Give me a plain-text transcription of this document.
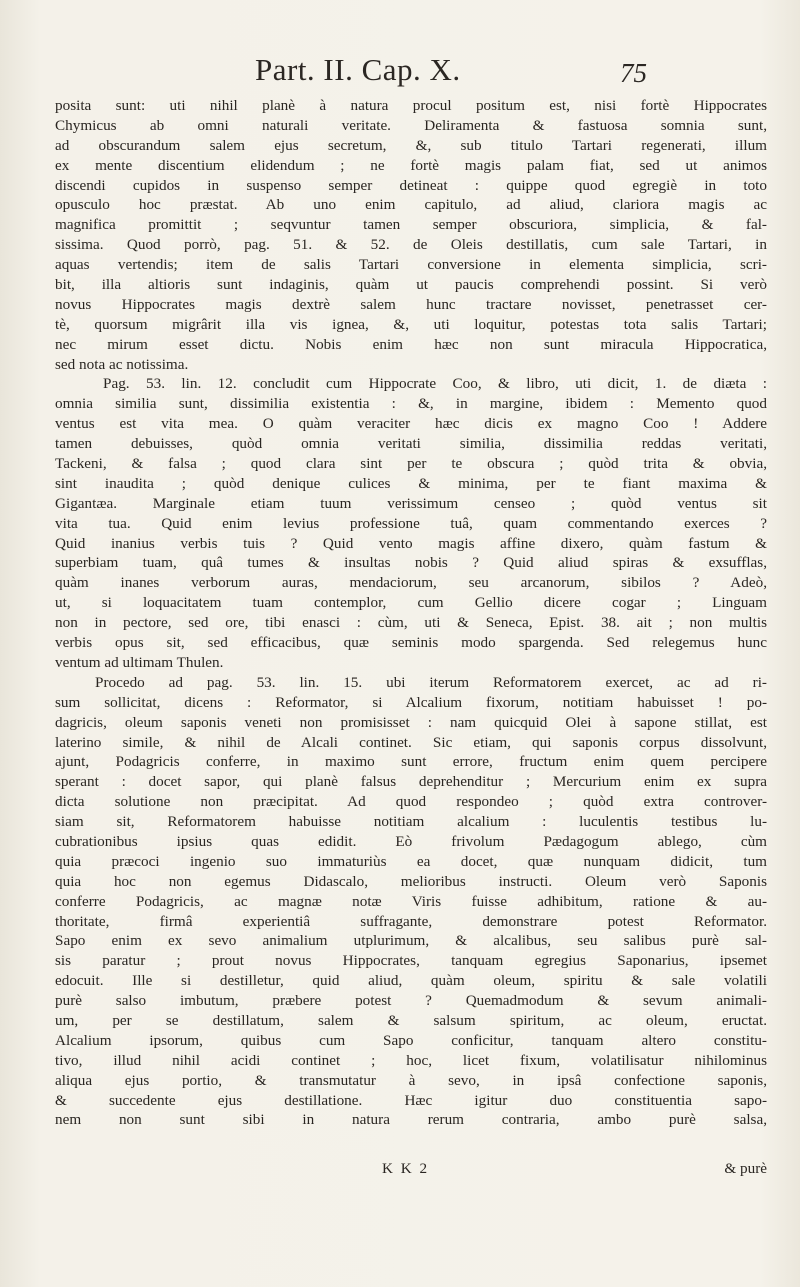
Part. II. Cap. X.	75
posita sunt: uti nihil planè à natura procul positum est, nisi fortè Hippocrates
Chymicus ab omni naturali veritate. Deliramenta & fastuosa somnia sunt,
ad obscurandum salem ejus secretum, &, sub titulo Tartari regenerati, illum
ex mente discentium elidendum ; ne fortè magis palam fiat, sed ut animos
discendi cupidos in suspenso semper detineat : quippe quod egregiè in toto
opusculo hoc præstat. Ab uno enim capitulo, ad aliud, clariora magis ac
magnifica promittit ; seqvuntur tamen semper obscuriora, simplicia, & fal-
sissima. Quod porrò, pag. 51. & 52. de Oleis destillatis, cum sale Tartari, in
aquas vertendis; item de salis Tartari conversione in elementa simplicia, scri-
bit, illa altioris sunt indaginis, quàm ut paucis comprehendi possint. Si verò
novus Hippocrates magis dextrè salem hunc tractare novisset, penetrasset cer-
tè, quorsum migrârit illa vis ignea, &, uti loquitur, potestas tota salis Tartari;
nec mirum esset dictu. Nobis enim hæc non sunt miracula Hippocratica,
sed nota ac notissima.
Pag. 53. lin. 12. concludit cum Hippocrate Coo, & libro, uti dicit, 1. de diæta :
omnia similia sunt, dissimilia existentia : &, in margine, ibidem : Memento quod
ventus est vita mea. O quàm veraciter hæc dicis ex magno Coo ! Addere
tamen debuisses, quòd omnia veritati similia, dissimilia reddas veritati,
Tackeni, & falsa ; quod clara sint per te obscura ; quòd trita & obvia,
sint inaudita ; quòd denique culices & minima, per te fiant maxima &
Gigantæa. Marginale etiam tuum verissimum censeo ; quòd ventus sit
vita tua. Quid enim levius professione tuâ, quam commentando exerces ?
Quid inanius verbis tuis ? Quid vento magis affine dixero, quàm fastum &
superbiam tuam, quâ tumes & insultas nobis ? Quid aliud spiras & exsufflas,
quàm inanes verborum auras, mendaciorum, seu arcanorum, sibilos ? Adeò,
ut, si loquacitatem tuam contemplor, cum Gellio dicere cogar ; Linguam
non in pectore, sed ore, tibi enasci : cùm, uti & Seneca, Epist. 38. ait ; non multis
verbis opus sit, sed efficacibus, quæ seminis modo spargenda. Sed relegemus hunc
ventum ad ultimam Thulen.
Procedo ad pag. 53. lin. 15. ubi iterum Reformatorem exercet, ac ad ri-
sum sollicitat, dicens : Reformator, si Alcalium fixorum, notitiam habuisset ! po-
dagricis, oleum saponis veneti non promisisset : nam quicquid Olei à sapone stillat, est
laterino simile, & nihil de Alcali continet. Sic etiam, qui saponis corpus dissolvunt,
ajunt, Podagricis conferre, in maximo sunt errore, fructum enim quem percipere
sperant : docet sapor, qui planè falsus deprehenditur ; Mercurium enim ex supra
dicta solutione non præcipitat. Ad quod respondeo ; quòd extra controver-
siam sit, Reformatorem habuisse notitiam alcalium : luculentis testibus lu-
cubrationibus ipsius quas edidit. Eò frivolum Pædagogum ablego, cùm
quia præcoci ingenio suo immaturiùs ea docet, quæ nunquam didicit, tum
quia hoc non egemus Didascalo, melioribus instructi. Oleum verò Saponis
conferre Podagricis, ac magnæ notæ Viris fuisse adhibitum, ratione & au-
thoritate, firmâ experientiâ suffragante, demonstrare potest Reformator.
Sapo enim ex sevo animalium utplurimum, & alcalibus, seu salibus purè sal-
sis paratur ; prout novus Hippocrates, tanquam egregius Saponarius, ipsemet
edocuit. Ille si destilletur, quid aliud, quàm oleum, spiritu & sale volatili
purè salso imbutum, præbere potest ? Quemadmodum & sevum animali-
um, per se destillatum, salem & salsum spiritum, ac oleum, eructat.
Alcalium ipsorum, quibus cum Sapo conficitur, tanquam altero constitu-
tivo, illud nihil acidi continet ; hoc, licet fixum, volatilisatur nihilominus
aliqua ejus portio, & transmutatur à sevo, in ipsâ confectione saponis,
& succedente ejus destillatione. Hæc igitur duo constituentia sapo-
nem non sunt sibi in natura rerum contraria, ambo purè salsa,
K K 2	& purè
